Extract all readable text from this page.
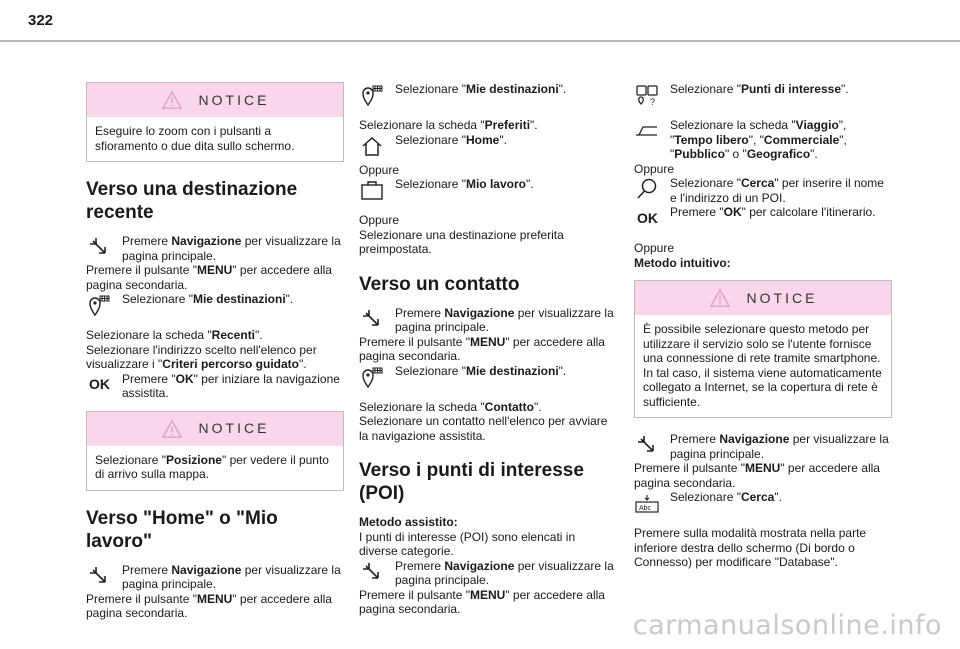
322
NOTICE
Eseguire lo zoom con i pulsanti a sfioramento o due dita sullo schermo.
Verso una destinazione recente
Premere Navigazione per visualizzare la pagina principale.

Premere il pulsante "MENU" per accedere alla pagina secondaria.

Selezionare "Mie destinazioni".

Selezionare la scheda "Recenti".

Selezionare l'indirizzo scelto nell'elenco per visualizzare i "Criteri percorso guidato".

OK Premere "OK" per iniziare la navigazione assistita.
NOTICE
Selezionare "Posizione" per vedere il punto di arrivo sulla mappa.
Verso "Home" o "Mio lavoro"
Premere Navigazione per visualizzare la pagina principale.

Premere il pulsante "MENU" per accedere alla pagina secondaria.

Selezionare "Mie destinazioni".

Selezionare la scheda "Preferiti".

Selezionare "Home".

Oppure

Selezionare "Mio lavoro".

Oppure

Selezionare una destinazione preferita preimpostata.

Verso un contatto
Premere Navigazione per visualizzare la pagina principale.

Premere il pulsante "MENU" per accedere alla pagina secondaria.

Selezionare "Mie destinazioni".

Selezionare la scheda "Contatto".

Selezionare un contatto nell'elenco per avviare la navigazione assistita.

Verso i punti di interesse (POI)

Metodo assistito:

I punti di interesse (POI) sono elencati in diverse categorie.

Premere Navigazione per visualizzare la pagina principale.

Premere il pulsante "MENU" per accedere alla pagina secondaria.

?
Selezionare "Punti di interesse".
Selezionare la scheda "Viaggio", "Tempo libero", "Commerciale", "Pubblico" o "Geografico".

Oppure

Selezionare "Cerca" per inserire il nome e l'indirizzo di un POI.
OK Premere "OK" per calcolare l'itinerario.

Oppure

Metodo intuitivo:

NOTICE
È possibile selezionare questo metodo per utilizzare il servizio solo se l'utente fornisce una connessione di rete tramite smartphone. In tal caso, il sistema viene automaticamente collegato a Internet, se la copertura di rete è sufficiente.
Premere Navigazione per visualizzare la pagina principale.

Premere il pulsante "MENU" per accedere alla pagina secondaria.

Abc
Selezionare "Cerca".

Premere sulla modalità mostrata nella parte inferiore destra dello schermo (Di bordo o Connesso) per modificare "Database".

carmanualsonline.info
